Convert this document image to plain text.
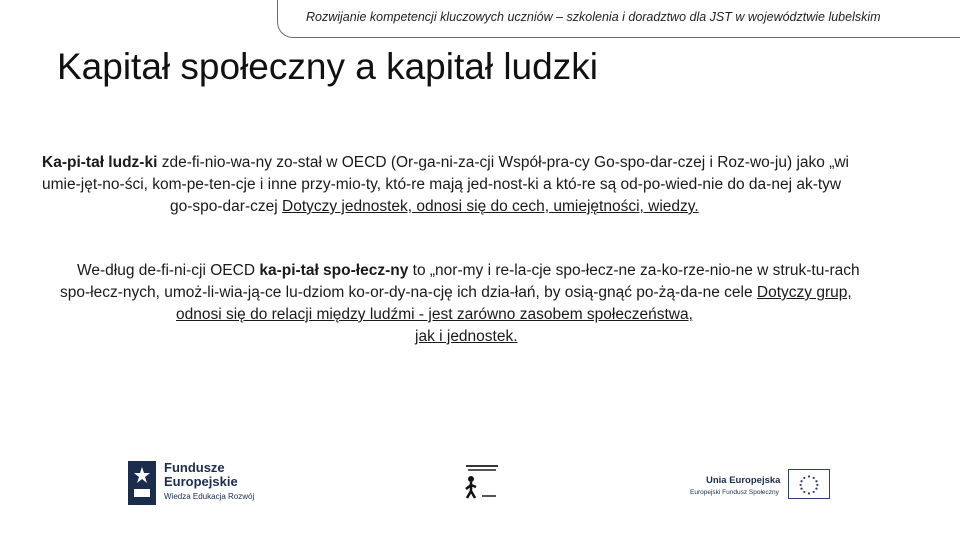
Rozwijanie kompetencji kluczowych uczniów – szkolenia i doradztwo dla JST w województwie lubelskim
Kapitał społeczny a kapitał ludzki
Ka-pi-tał ludz-ki zde-fi-nio-wa-ny zo-stał w OECD (Or-ga-ni-za-cji Współ-pra-cy Go-spo-dar-czej i Roz-wo-ju) jako „wi
umie-jęt-no-ści, kom-pe-ten-cje i inne przy-mio-ty, któ-re mają jed-nost-ki a któ-re są od-po-wied-nie do da-nej ak-tyw
go-spo-dar-czej Dotyczy jednostek, odnosi się do cech, umiejętności, wiedzy.
We-dług de-fi-ni-cji OECD ka-pi-tał spo-łecz-ny to „nor-my i re-la-cje spo-łecz-ne za-ko-rze-nio-ne w struk-tu-rach
spo-łecz-nych, umoż-li-wia-ją-ce lu-dziom ko-or-dy-na-cję ich dzia-łań, by osią-gnąć po-żą-da-ne cele Dotyczy grup,
odnosi się do relacji między ludźmi - jest zarówno zasobem społeczeństwa,
jak i jednostek.
Fundusze
Europejskie
Wiedza Edukacja Rozwój
Unia Europejska
Europejski Fundusz Społeczny
